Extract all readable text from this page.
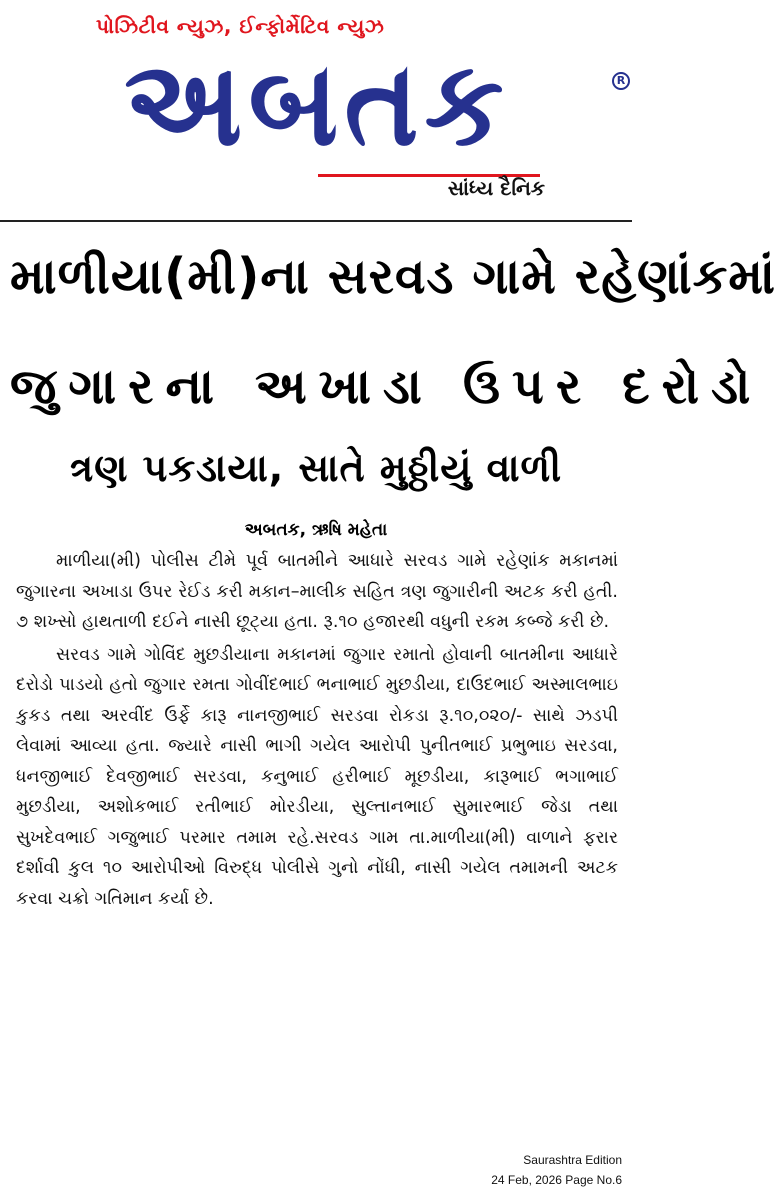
પોઝિટીવ ન્યુઝ, ઈન્ફોર્મેટિવ ન્યુઝ
અબતક	R
સાંધ્ય દૈનિક
માળીયા(મી)ના સરવડ ગામે રહેણાંકમાં
જુગારના અખાડા ઉપર દરોડો
ત્રણ પકડાયા, સાતે મુઠ્ઠીયું વાળી
અબતક, ઋષિ મહેતા

માળીયા(મી) પોલીસ ટીમે પૂર્વ બાતમીને આધારે સરવડ ગામે રહેણાંક મકાનમાં જુગારના અખાડા ઉપર રેઈડ કરી મકાન–માલીક સહિત ત્રણ જુગારીની અટક કરી હતી. ૭ શખ્સો હાથતાળી દઈને નાસી છૂટ્યા હતા. રૂ.૧૦ હજારથી વધુની રકમ કબ્જે કરી છે.

સરવડ ગામે ગોવિંદ મુછડીયાના મકાનમાં જુગાર રમાતો હોવાની બાતમીના આધારે દરોડો પાડયો હતો જુગાર રમતા ગોવીંદભાઈ ભનાભાઈ મુછડીયા, દાઉદભાઈ અસ્માલભાઇ કુકડ તથા અરવીંદ ઉર્ફે કારૂ નાનજીભાઈ સરડવા રોકડા રૂ.૧૦,૦૨૦/- સાથે ઝડપી લેવામાં આવ્યા હતા. જ્યારે નાસી ભાગી ગયેલ આરોપી પુનીતભાઈ પ્રભુભાઇ સરડવા, ધનજીભાઈ દેવજીભાઈ સરડવા, કનુભાઈ હરીભાઈ મૂછડીયા, કારૂભાઈ ભગાભાઈ મુછડીયા, અશોકભાઈ રતીભાઈ મોરડીયા, સુલ્તાનભાઈ સુમારભાઈ જેડા તથા સુખદેવભાઈ ગજુભાઈ પરમાર તમામ રહે.સરવડ ગામ તા.માળીયા(મી) વાળાને ફરાર દર્શાવી કુલ ૧૦ આરોપીઓ વિરુદ્ધ પોલીસે ગુનો નોંધી, નાસી ગયેલ તમામની અટક કરવા ચક્રો ગતિમાન કર્યા છે.

Saurashtra Edition
24 Feb, 2026 Page No.6
